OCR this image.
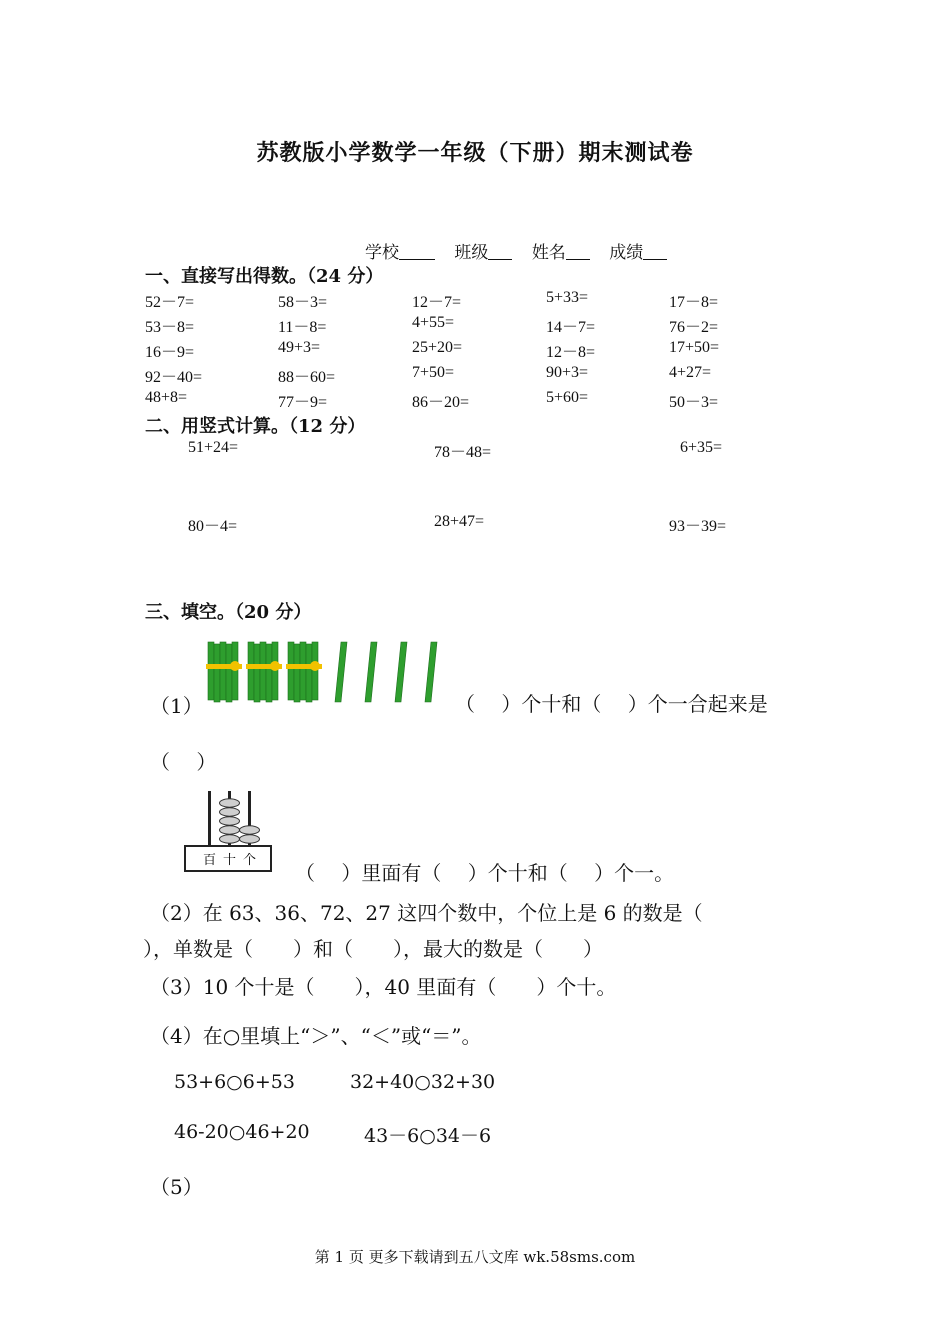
苏教版小学数学一年级（下册）期末测试卷
学校	班级	姓名	成绩
一、直接写出得数。（24 分）
52－7=	58－3=	12－7=	5+33=	17－8=
53－8=	11－8=	4+55=	14－7=	76－2=
16－9=	49+3=	25+20=	12－8=	17+50=
92－40=	88－60=	7+50=	90+3=	4+27=
48+8=	77－9=	86－20=	5+60=	50－3=
二、用竖式计算。（12 分）
51+24=	78－48=	6+35=
80－4=	28+47=	93－39=
三、填空。（20 分）
（1）	（　 ）个十和（　 ）个一合起来是
（　 ）
百 十 个
（　 ）里面有（　 ）个十和（　 ）个一。
（2）在 63、36、72、27 这四个数中，个位上是 6 的数是（
），单数是（　　）和（　　），最大的数是（　　）
（3）10 个十是（　　），40 里面有（　　）个十。
（4）在○里填上“＞”、“＜”或“＝”。
53+6○6+53	32+40○32+30
46-20○46+20	43－6○34－6
（5）
第 1 页 更多下载请到五八文库 wk.58sms.com
